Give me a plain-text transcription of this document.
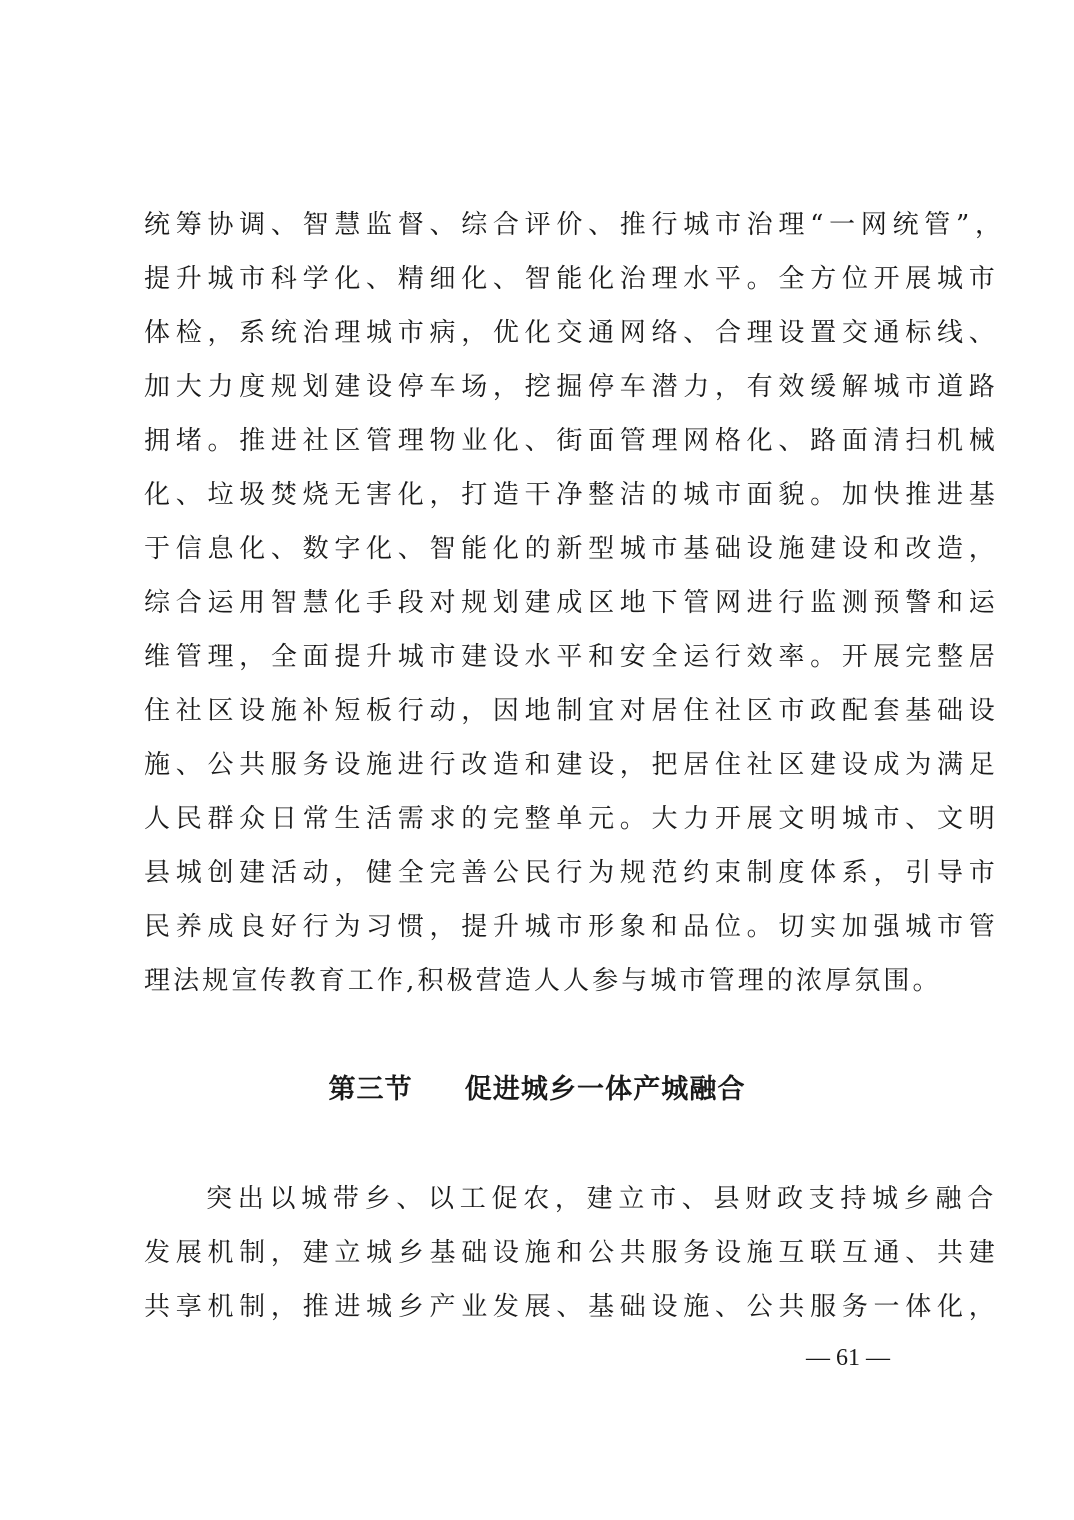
统筹协调、智慧监督、综合评价、推行城市治理“一网统管”，
提升城市科学化、精细化、智能化治理水平。全方位开展城市
体检，系统治理城市病，优化交通网络、合理设置交通标线、
加大力度规划建设停车场，挖掘停车潜力，有效缓解城市道路
拥堵。推进社区管理物业化、街面管理网格化、路面清扫机械
化、垃圾焚烧无害化，打造干净整洁的城市面貌。加快推进基
于信息化、数字化、智能化的新型城市基础设施建设和改造，
综合运用智慧化手段对规划建成区地下管网进行监测预警和运
维管理，全面提升城市建设水平和安全运行效率。开展完整居
住社区设施补短板行动，因地制宜对居住社区市政配套基础设
施、公共服务设施进行改造和建设，把居住社区建设成为满足
人民群众日常生活需求的完整单元。大力开展文明城市、文明
县城创建活动，健全完善公民行为规范约束制度体系，引导市
民养成良好行为习惯，提升城市形象和品位。切实加强城市管
理法规宣传教育工作,积极营造人人参与城市管理的浓厚氛围。
第三节 促进城乡一体产城融合
突出以城带乡、以工促农，建立市、县财政支持城乡融合
发展机制，建立城乡基础设施和公共服务设施互联互通、共建
共享机制，推进城乡产业发展、基础设施、公共服务一体化，
— 61 —
